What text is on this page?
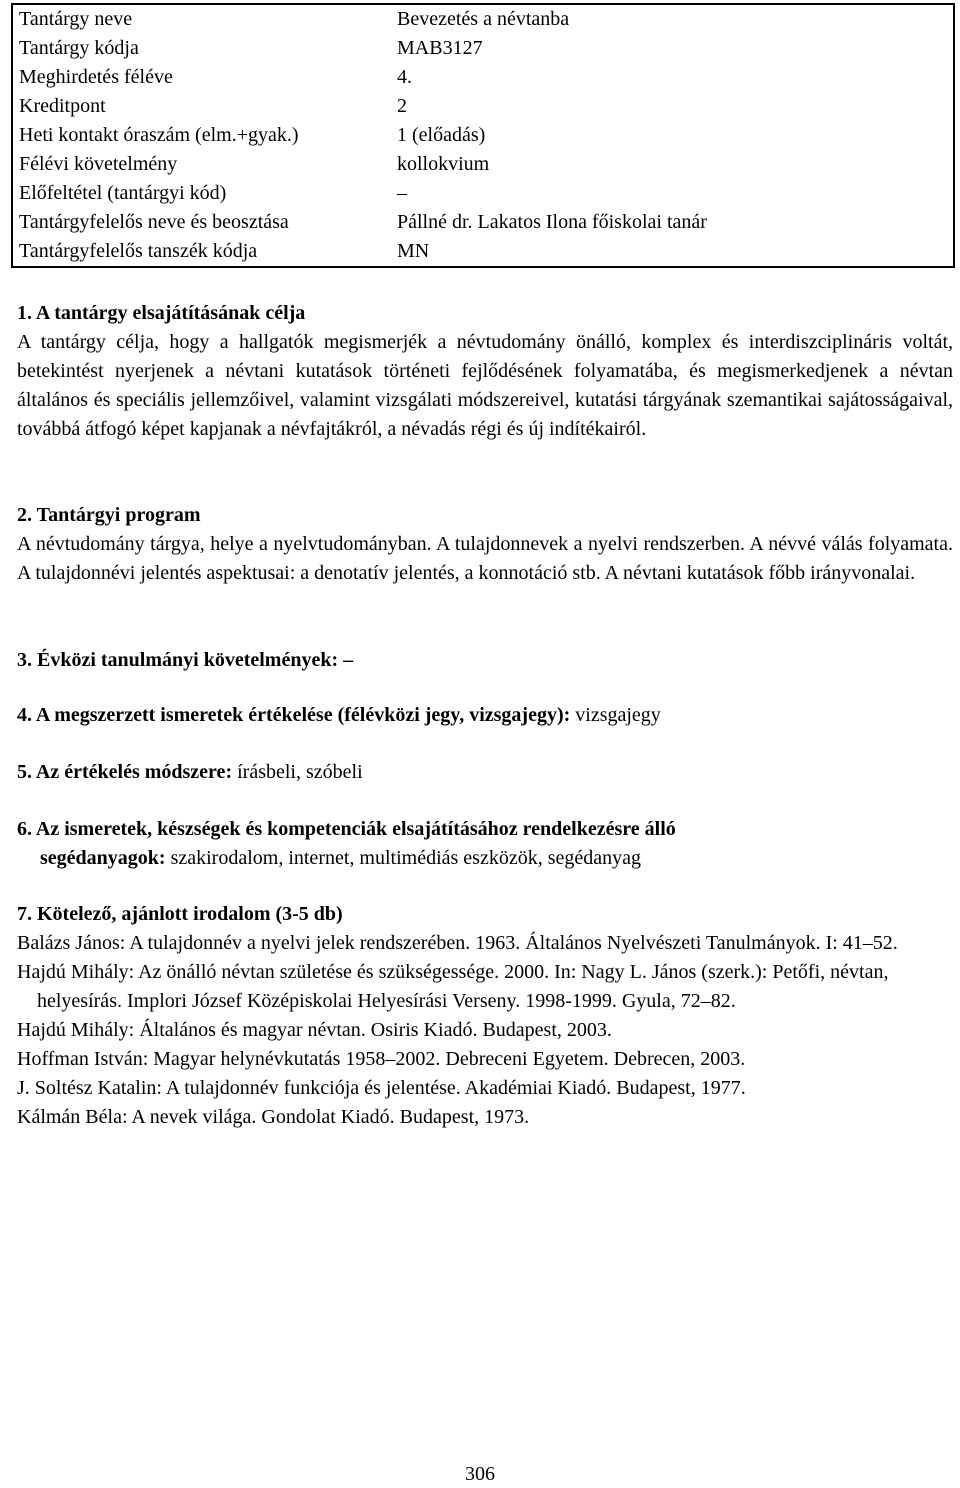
Tantárgy neve	Bevezetés a névtanba
Tantárgy kódja	MAB3127
Meghirdetés féléve	4.
Kreditpont	2
Heti kontakt óraszám (elm.+gyak.)	1 (előadás)
Félévi követelmény	kollokvium
Előfeltétel (tantárgyi kód)	–
Tantárgyfelelős neve és beosztása	Pállné dr. Lakatos Ilona főiskolai tanár
Tantárgyfelelős tanszék kódja	MN

1. A tantárgy elsajátításának célja

A tantárgy célja, hogy a hallgatók megismerjék a névtudomány önálló, komplex és interdiszciplináris voltát, betekintést nyerjenek a névtani kutatások történeti fejlődésének folyamatába, és megismerkedjenek a névtan általános és speciális jellemzőivel, valamint vizsgálati módszereivel, kutatási tárgyának szemantikai sajátosságaival, továbbá átfogó képet kapjanak a névfajtákról, a névadás régi és új indítékairól.

2. Tantárgyi program

A névtudomány tárgya, helye a nyelvtudományban. A tulajdonnevek a nyelvi rendszerben. A névvé válás folyamata. A tulajdonnévi jelentés aspektusai: a denotatív jelentés, a konnotáció stb. A névtani kutatások főbb irányvonalai.

3. Évközi tanulmányi követelmények: –

4. A megszerzett ismeretek értékelése (félévközi jegy, vizsgajegy): vizsgajegy

5. Az értékelés módszere: írásbeli, szóbeli

6. Az ismeretek, készségek és kompetenciák elsajátításához rendelkezésre álló

segédanyagok: szakirodalom, internet, multimédiás eszközök, segédanyag

7. Kötelező, ajánlott irodalom (3-5 db)

Balázs János: A tulajdonnév a nyelvi jelek rendszerében. 1963. Általános Nyelvészeti Tanulmányok. I: 41–52.

Hajdú Mihály: Az önálló névtan születése és szükségessége. 2000. In: Nagy L. János (szerk.): Petőfi, névtan, helyesírás. Implori József Középiskolai Helyesírási Verseny. 1998-1999. Gyula, 72–82.

Hajdú Mihály: Általános és magyar névtan. Osiris Kiadó. Budapest, 2003.

Hoffman István: Magyar helynévkutatás 1958–2002. Debreceni Egyetem. Debrecen, 2003.

J. Soltész Katalin: A tulajdonnév funkciója és jelentése. Akadémiai Kiadó. Budapest, 1977.

Kálmán Béla: A nevek világa. Gondolat Kiadó. Budapest, 1973.

306
